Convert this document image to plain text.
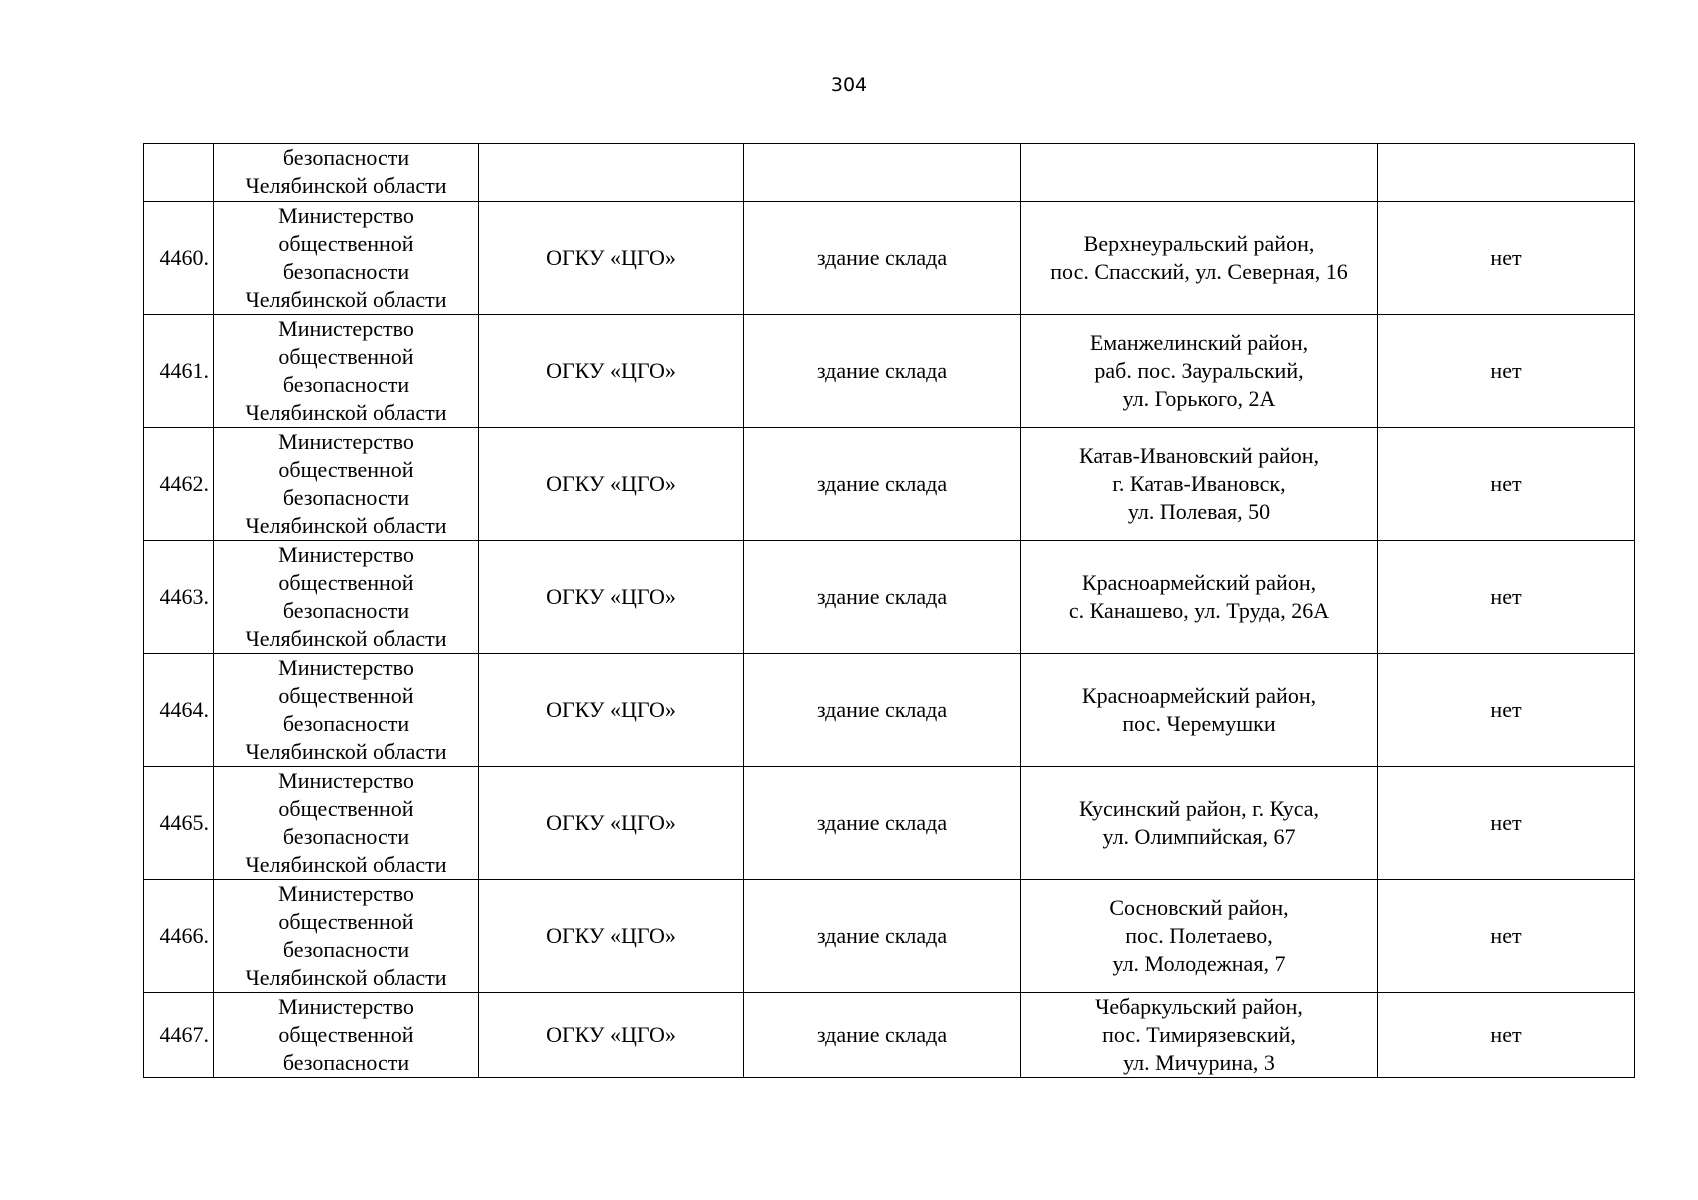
304

	безопасности
Челябинской области				

4460.	Министерство
общественной
безопасности
Челябинской области	ОГКУ «ЦГО»	здание склада	Верхнеуральский район,
пос. Спасский, ул. Северная, 16	нет
4461.	Министерство
общественной
безопасности
Челябинской области	ОГКУ «ЦГО»	здание склада	Еманжелинский район,
раб. пос. Зауральский,
ул. Горького, 2А	нет
4462.	Министерство
общественной
безопасности
Челябинской области	ОГКУ «ЦГО»	здание склада	Катав-Ивановский район,
г. Катав-Ивановск,
ул. Полевая, 50	нет
4463.	Министерство
общественной
безопасности
Челябинской области	ОГКУ «ЦГО»	здание склада	Красноармейский район,
с. Канашево, ул. Труда, 26А	нет
4464.	Министерство
общественной
безопасности
Челябинской области	ОГКУ «ЦГО»	здание склада	Красноармейский район,
пос. Черемушки	нет
4465.	Министерство
общественной
безопасности
Челябинской области	ОГКУ «ЦГО»	здание склада	Кусинский район, г. Куса,
ул. Олимпийская, 67	нет
4466.	Министерство
общественной
безопасности
Челябинской области	ОГКУ «ЦГО»	здание склада	Сосновский район,
пос. Полетаево,
ул. Молодежная, 7	нет
4467.	Министерство
общественной
безопасности	ОГКУ «ЦГО»	здание склада	Чебаркульский район,
пос. Тимирязевский,
ул. Мичурина, 3	нет
